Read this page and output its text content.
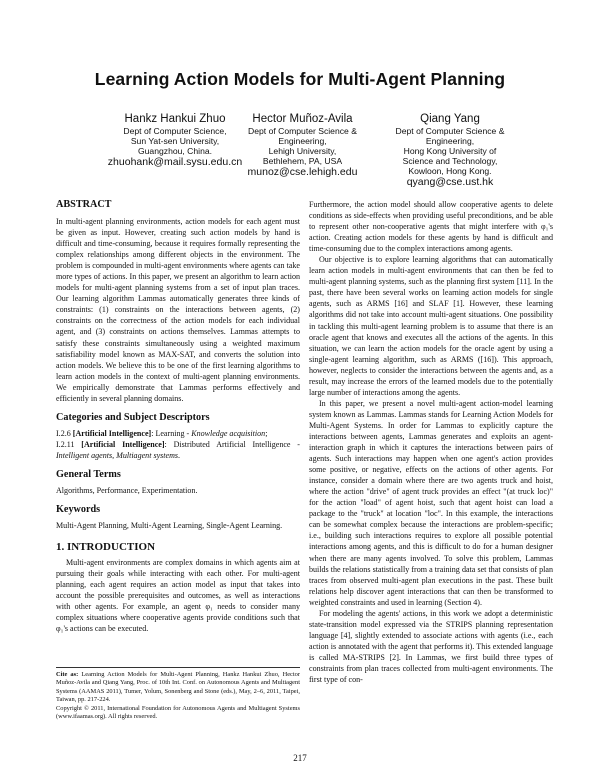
Learning Action Models for Multi-Agent Planning
Hankz Hankui Zhuo
Dept of Computer Science,
Sun Yat-sen University,
Guangzhou, China.
zhuohank@mail.sysu.edu.cn
Hector Muñoz-Avila
Dept of Computer Science &
Engineering,
Lehigh University,
Bethlehem, PA, USA
munoz@cse.lehigh.edu
Qiang Yang
Dept of Computer Science &
Engineering,
Hong Kong University of
Science and Technology,
Kowloon, Hong Kong.
qyang@cse.ust.hk
ABSTRACT

In multi-agent planning environments, action models for each agent must be given as input. However, creating such action models by hand is difficult and time-consuming, because it requires formally representing the complex relationships among different objects in the environment. The problem is compounded in multi-agent environments where agents can take more types of actions. In this paper, we present an algorithm to learn action models for multi-agent planning systems from a set of input plan traces. Our learning algorithm Lammas automatically generates three kinds of constraints: (1) constraints on the interactions between agents, (2) constraints on the correctness of the action models for each individual agent, and (3) constraints on actions themselves. Lammas attempts to satisfy these constraints simultaneously using a weighted maximum satisfiability model known as MAX-SAT, and converts the solution into action models. We believe this to be one of the first learning algorithms to learn action models in the context of multi-agent planning environments. We empirically demonstrate that Lammas performs effectively and efficiently in several planning domains.

Categories and Subject Descriptors

I.2.6 [Artificial Intelligence]: Learning - Knowledge acquisition;

I.2.11 [Artificial Intelligence]: Distributed Artificial Intelligence - Intelligent agents, Multiagent systems.

General Terms

Algorithms, Performance, Experimentation.

Keywords

Multi-Agent Planning, Multi-Agent Learning, Single-Agent Learning.

1. INTRODUCTION

Multi-agent environments are complex domains in which agents aim at pursuing their goals while interacting with each other. For multi-agent planning, each agent requires an action model as input that takes into account the possible prerequisites and outcomes, as well as interactions with other agents. For example, an agent φ₁ needs to consider many complex situations where cooperative agents provide conditions such that φ₁'s actions can be executed.

Cite as: Learning Action Models for Multi-Agent Planning, Hankz Hankui Zhuo, Hector Muñoz-Avila and Qiang Yang, Proc. of 10th Int. Conf. on Autonomous Agents and Multiagent Systems (AAMAS 2011), Tumer, Yolum, Sonenberg and Stone (eds.), May, 2–6, 2011, Taipei, Taiwan, pp. 217-224.
Copyright © 2011, International Foundation for Autonomous Agents and Multiagent Systems (www.ifaamas.org). All rights reserved.

Furthermore, the action model should allow cooperative agents to delete conditions as side-effects when providing useful preconditions, and be able to represent other non-cooperative agents that might interfere with φ₁'s action. Creating action models for these agents by hand is difficult and time-consuming due to the complex interactions among agents.

Our objective is to explore learning algorithms that can automatically learn action models in multi-agent environments that can then be fed to multi-agent planning systems, such as the planning first system [11]. In the past, there have been several works on learning action models for single agents, such as ARMS [16] and SLAF [1]. However, these learning algorithms did not take into account multi-agent situations. One possibility in tackling this multi-agent learning problem is to assume that there is an oracle agent that knows and executes all the actions of the agents. In this situation, we can learn the action models for the oracle agent by using a single-agent learning algorithm, such as ARMS ([16]). This approach, however, neglects to consider the interactions between the agents and, as a result, may increase the errors of the learned models due to the potentially large number of interactions among the agents.

In this paper, we present a novel multi-agent action-model learning system known as Lammas. Lammas stands for Learning Action Models for Multi-Agent Systems. In order for Lammas to explicitly capture the interactions between agents, Lammas generates and exploits an agent-interaction graph in which it captures the interactions between pairs of agents. Such interactions may happen when one agent's action provides some positive, or negative, effects on the actions of other agents. For instance, consider a domain where there are two agents truck and hoist, where the action "drive" of agent truck provides an effect "(at truck loc)" for the action "load" of agent hoist, such that agent hoist can load a package to the "truck" at location "loc". In this example, the interactions can be somewhat complex because the interactions are problem-specific; i.e., building such interactions requires to explore all possible potential interactions among agents, and this is difficult to do for a human designer when there are many agents involved. To solve this problem, Lammas builds the relations statistically from a training data set that consists of plan traces from observed multi-agent plan executions in the past. These built relations help discover agent interactions that can then be transformed to weighted constraints and used in learning (Section 4).

For modeling the agents' actions, in this work we adopt a deterministic state-transition model expressed via the STRIPS planning representation language [4], slightly extended to associate actions with agents (i.e., each action is annotated with the agent that performs it). This extended language is called MA-STRIPS [2]. In Lammas, we first build three types of constraints from plan traces collected from multi-agent environments. The first type of con-

217
